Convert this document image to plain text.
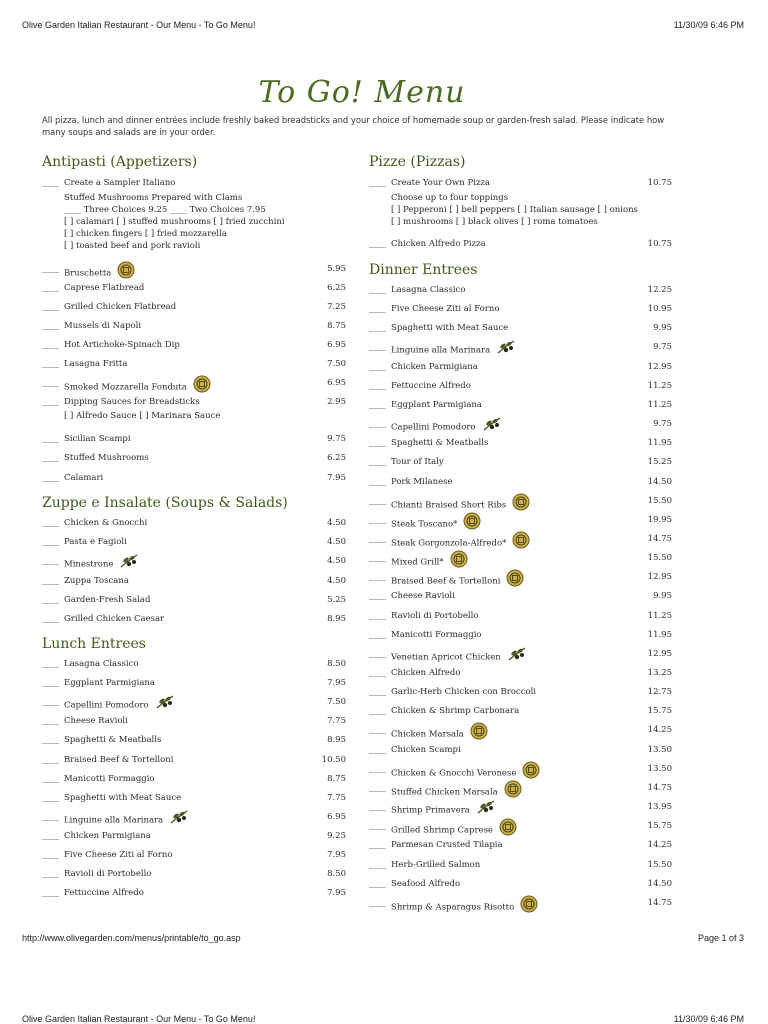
Olive Garden Italian Restaurant - Our Menu - To Go Menu!	11/30/09 6:46 PM
To Go! Menu
All pizza, lunch and dinner entrées include freshly baked breadsticks and your choice of homemade soup or garden-fresh salad. Please indicate how many soups and salads are in your order.
Antipasti (Appetizers)
____ Create a Sampler Italiano
Stuffed Mushrooms Prepared with Clams
____ Three Choices 9.25 ____ Two Choices 7.95
[ ] calamari [ ] stuffed mushrooms [ ] fried zucchini
[ ] chicken fingers [ ] fried mozzarella
[ ] toasted beef and pork ravioli
____ Bruschetta	5.95
____ Caprese Flatbread	6.25
____ Grilled Chicken Flatbread	7.25
____ Mussels di Napoli	8.75
____ Hot Artichoke-Spinach Dip	6.95
____ Lasagna Fritta	7.50
____ Smoked Mozzarella Fonduta	6.95
____ Dipping Sauces for Breadsticks	2.95
[ ] Alfredo Sauce [ ] Marinara Sauce
____ Sicilian Scampi	9.75
____ Stuffed Mushrooms	6.25
____ Calamari	7.95
Zuppe e Insalate (Soups & Salads)
____ Chicken & Gnocchi	4.50
____ Pasta e Fagioli	4.50
____ Minestrone	4.50
____ Zuppa Toscana	4.50
____ Garden-Fresh Salad	5.25
____ Grilled Chicken Caesar	8.95
Lunch Entrees
____ Lasagna Classico	8.50
____ Eggplant Parmigiana	7.95
____ Capellini Pomodoro	7.50
____ Cheese Ravioli	7.75
____ Spaghetti & Meatballs	8.95
____ Braised Beef & Tortelloni	10.50
____ Manicotti Formaggio	8.75
____ Spaghetti with Meat Sauce	7.75
____ Linguine alla Marinara	6.95
____ Chicken Parmigiana	9.25
____ Five Cheese Ziti al Forno	7.95
____ Ravioli di Portobello	8.50
____ Fettuccine Alfredo	7.95
Pizze (Pizzas)
____ Create Your Own Pizza	10.75
Choose up to four toppings
[ ] Pepperoni [ ] bell peppers [ ] Italian sausage [ ] onions
[ ] mushrooms [ ] black olives [ ] roma tomatoes
____ Chicken Alfredo Pizza	10.75
Dinner Entrees
____ Lasagna Classico	12.25
____ Five Cheese Ziti al Forno	10.95
____ Spaghetti with Meat Sauce	9.95
____ Linguine alla Marinara	9.75
____ Chicken Parmigiana	12.95
____ Fettuccine Alfredo	11.25
____ Eggplant Parmigiana	11.25
____ Capellini Pomodoro	9.75
____ Spaghetti & Meatballs	11.95
____ Tour of Italy	15.25
____ Pork Milanese	14.50
____ Chianti Braised Short Ribs	15.50
____ Steak Toscano*	19.95
____ Steak Gorgonzola-Alfredo*	14.75
____ Mixed Grill*	15.50
____ Braised Beef & Tortelloni	12.95
____ Cheese Ravioli	9.95
____ Ravioli di Portobello	11.25
____ Manicotti Formaggio	11.95
____ Venetian Apricot Chicken	12.95
____ Chicken Alfredo	13.25
____ Garlic-Herb Chicken con Broccoli	12.75
____ Chicken & Shrimp Carbonara	15.75
____ Chicken Marsala	14.25
____ Chicken Scampi	13.50
____ Chicken & Gnocchi Veronese	13.50
____ Stuffed Chicken Marsala	14.75
____ Shrimp Primavera	13.95
____ Grilled Shrimp Caprese	15.75
____ Parmesan Crusted Tilapia	14.25
____ Herb-Grilled Salmon	15.50
____ Seafood Alfredo	14.50
____ Shrimp & Asparagus Risotto	14.75
http://www.olivegarden.com/menus/printable/to_go.asp	Page 1 of 3
Olive Garden Italian Restaurant - Our Menu - To Go Menu!	11/30/09 6:46 PM
